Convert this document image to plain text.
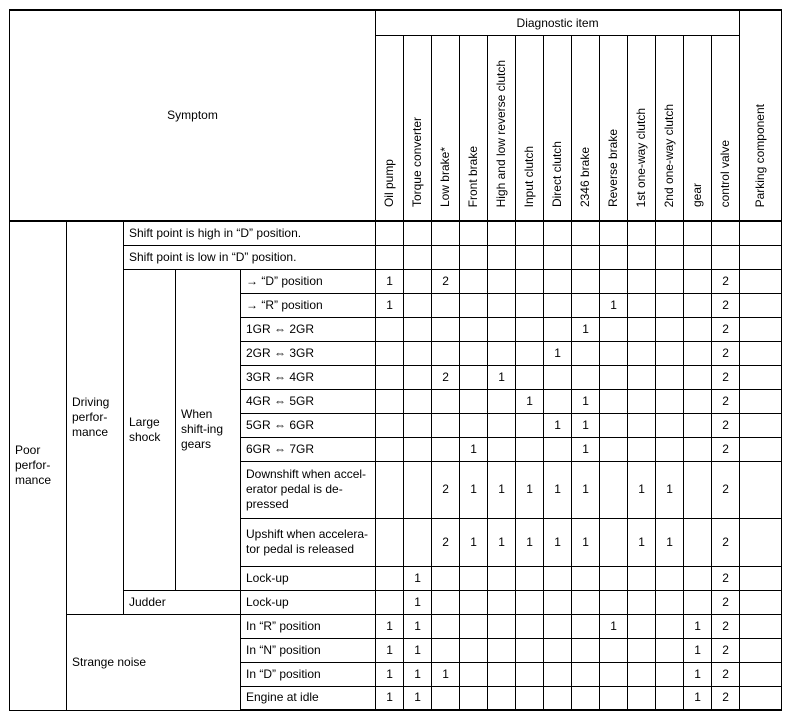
Symptom					Diagnostic item													Parking component
					Oil pump	Torque converter	Low brake*	Front brake	High and low reverse clutch	Input clutch	Direct clutch	2346 brake	Reverse brake	1st one-way clutch	2nd one-way clutch	gear	control valve	
Poor perfor-mance	Driving perfor-mance	Shift point is high in “D” position.																
		Shift point is low in “D” position.																
		Large shock	When shift-ing gears	→ “D” position	1		2										2	
				→ “R” position	1								1				2	
				1GR ⇔ 2GR								1					2	
				2GR ⇔ 3GR							1						2	
				3GR ⇔ 4GR			2		1								2	
				4GR ⇔ 5GR						1		1					2	
				5GR ⇔ 6GR							1	1					2	
				6GR ⇔ 7GR				1				1					2	
				Downshift when accel-erator pedal is de-pressed			2	1	1	1	1	1		1	1		2	
				Upshift when accelera-tor pedal is released			2	1	1	1	1	1		1	1		2	
				Lock-up		1											2	
		Judder		Lock-up		1											2	
	Strange noise			In “R” position	1	1							1			1	2	
				In “N” position	1	1										1	2	
				In “D” position	1	1	1									1	2	
				Engine at idle	1	1										1	2	
